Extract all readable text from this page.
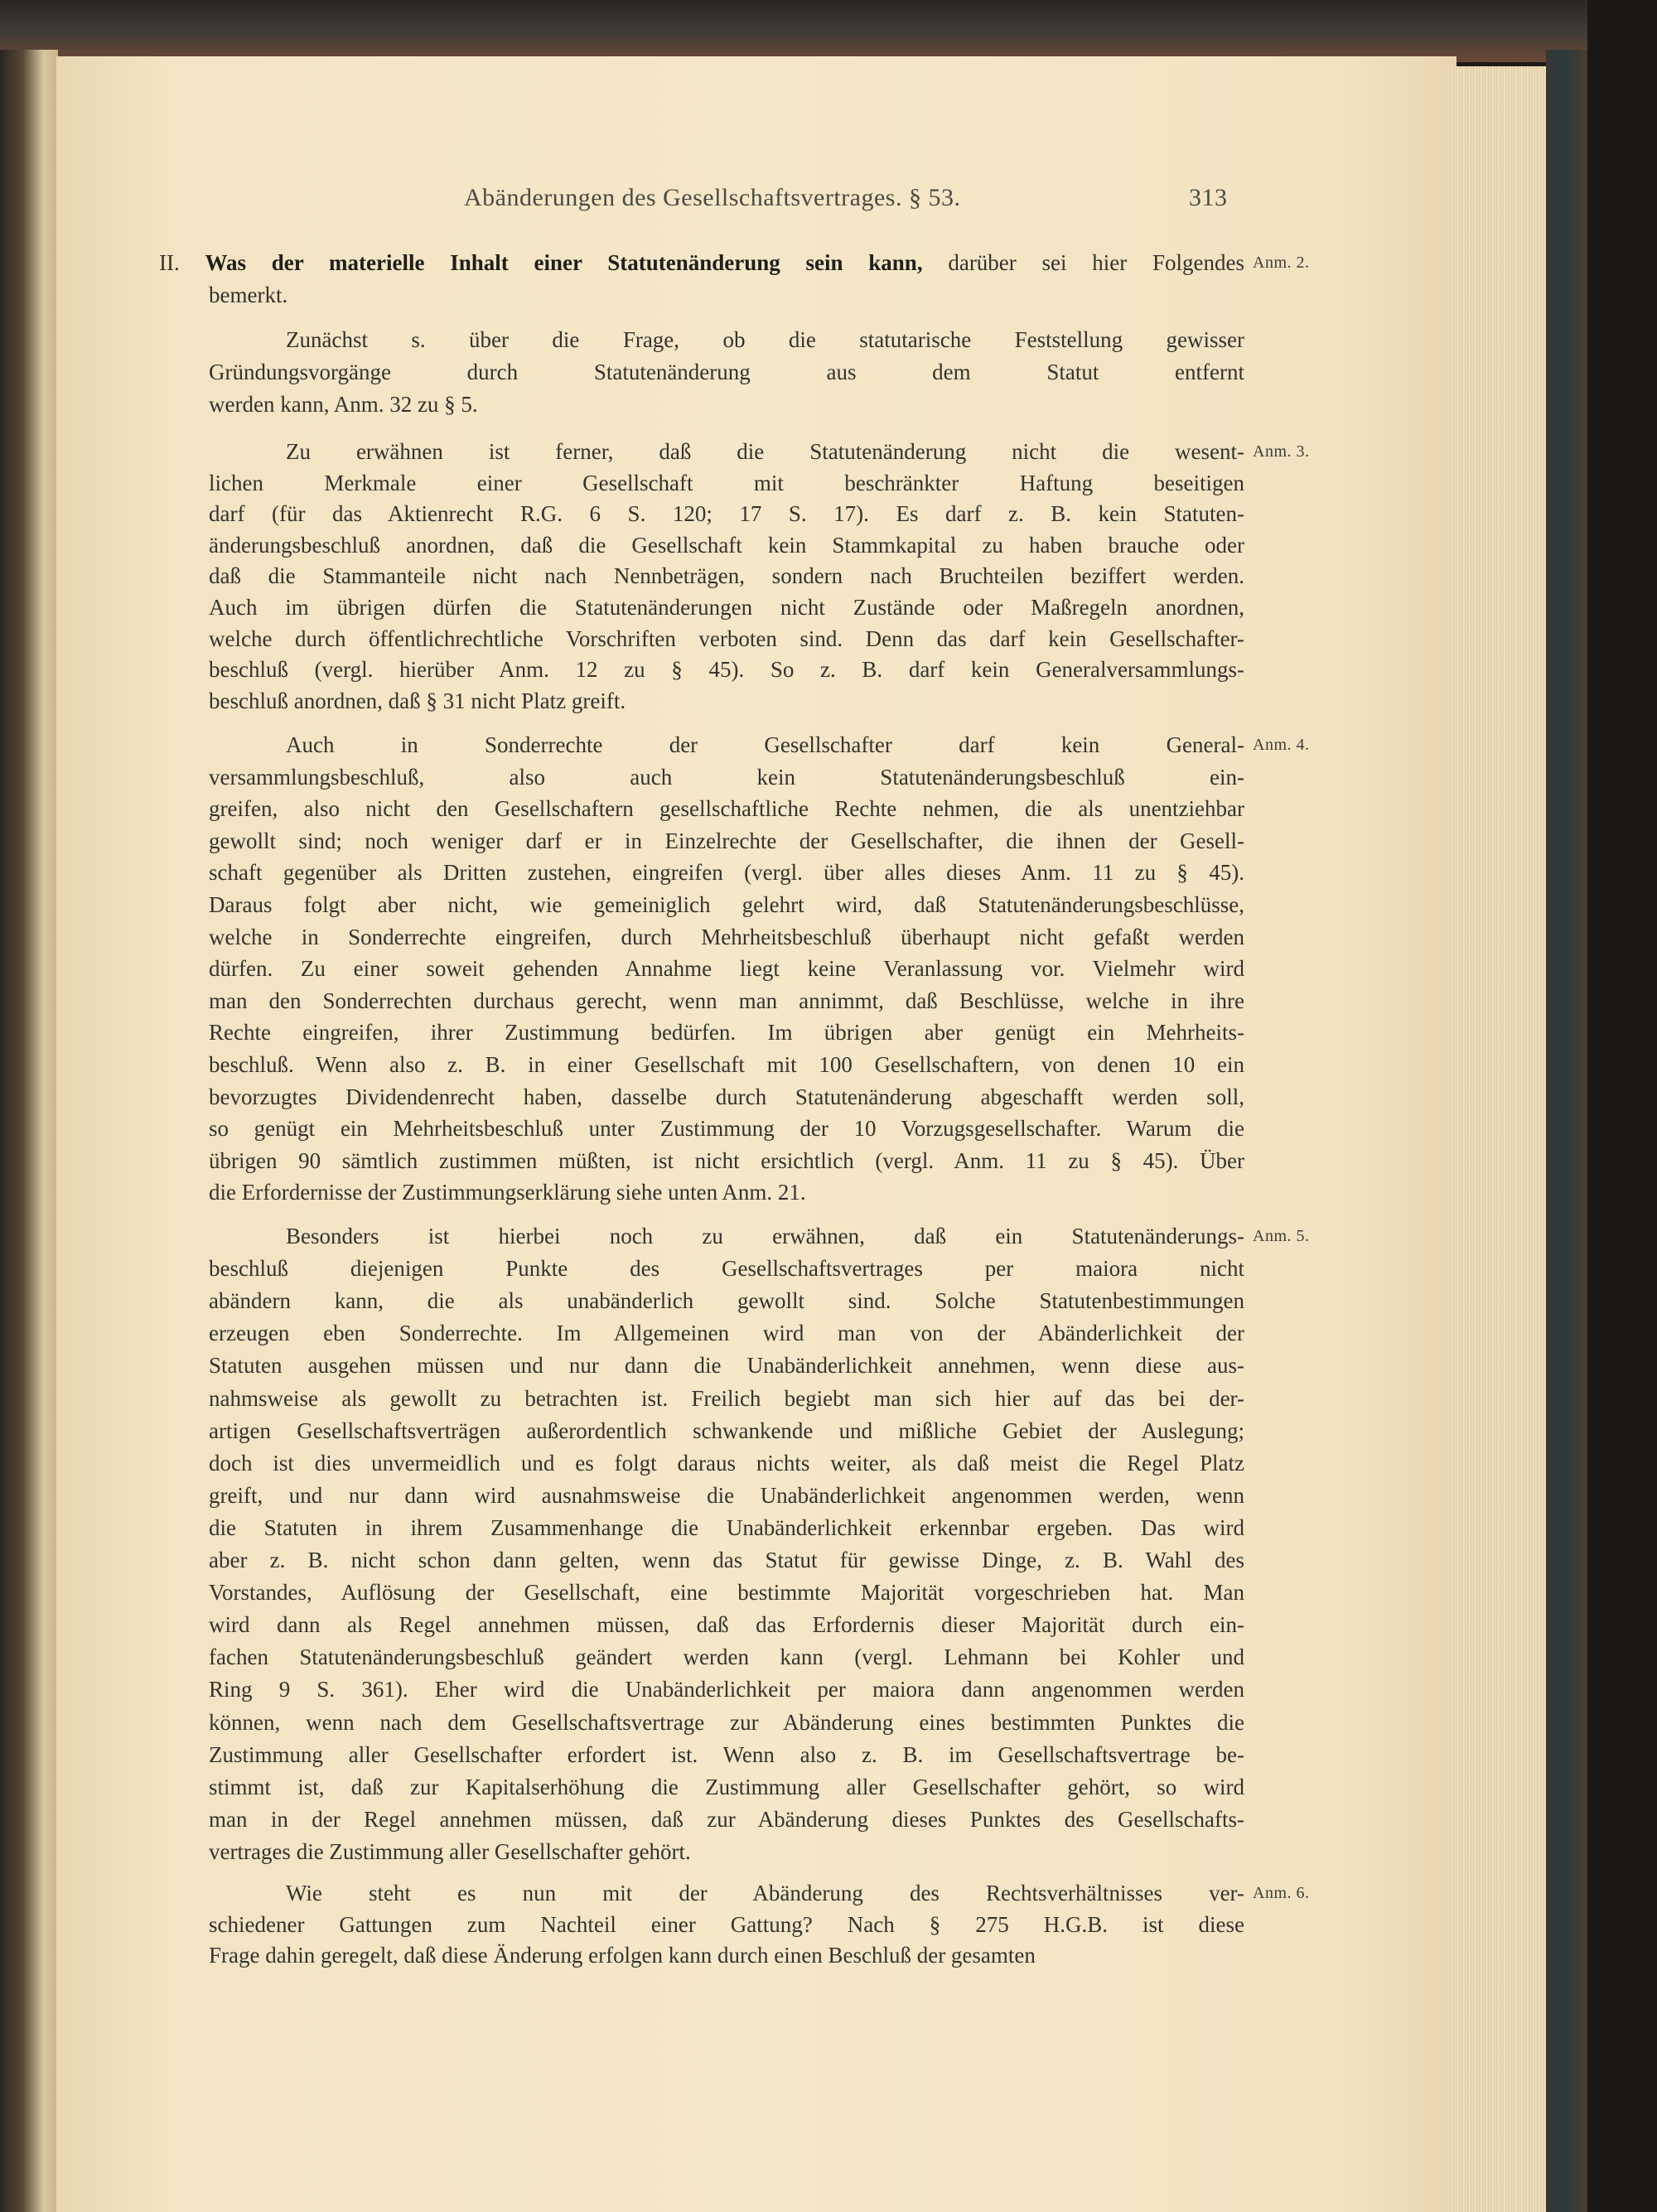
Abänderungen des Gesellschaftsvertrages. § 53.	313
Anm. 2.
II. Was der materielle Inhalt einer Statutenänderung sein kann, darüber sei hier Folgendes
bemerkt.
Zunächst s. über die Frage, ob die statutarische Feststellung gewisser
Gründungsvorgänge durch Statutenänderung aus dem Statut entfernt
werden kann, Anm. 32 zu § 5.
Anm. 3.
Zu erwähnen ist ferner, daß die Statutenänderung nicht die wesent-
lichen Merkmale einer Gesellschaft mit beschränkter Haftung beseitigen
darf (für das Aktienrecht R.G. 6 S. 120; 17 S. 17). Es darf z. B. kein Statuten-
änderungsbeschluß anordnen, daß die Gesellschaft kein Stammkapital zu haben brauche oder
daß die Stammanteile nicht nach Nennbeträgen, sondern nach Bruchteilen beziffert werden.
Auch im übrigen dürfen die Statutenänderungen nicht Zustände oder Maßregeln anordnen,
welche durch öffentlichrechtliche Vorschriften verboten sind. Denn das darf kein Gesellschafter-
beschluß (vergl. hierüber Anm. 12 zu § 45). So z. B. darf kein Generalversammlungs-
beschluß anordnen, daß § 31 nicht Platz greift.
Anm. 4.
Auch in Sonderrechte der Gesellschafter darf kein General-
versammlungsbeschluß, also auch kein Statutenänderungsbeschluß ein-
greifen, also nicht den Gesellschaftern gesellschaftliche Rechte nehmen, die als unentziehbar
gewollt sind; noch weniger darf er in Einzelrechte der Gesellschafter, die ihnen der Gesell-
schaft gegenüber als Dritten zustehen, eingreifen (vergl. über alles dieses Anm. 11 zu § 45).
Daraus folgt aber nicht, wie gemeiniglich gelehrt wird, daß Statutenänderungsbeschlüsse,
welche in Sonderrechte eingreifen, durch Mehrheitsbeschluß überhaupt nicht gefaßt werden
dürfen. Zu einer soweit gehenden Annahme liegt keine Veranlassung vor. Vielmehr wird
man den Sonderrechten durchaus gerecht, wenn man annimmt, daß Beschlüsse, welche in ihre
Rechte eingreifen, ihrer Zustimmung bedürfen. Im übrigen aber genügt ein Mehrheits-
beschluß. Wenn also z. B. in einer Gesellschaft mit 100 Gesellschaftern, von denen 10 ein
bevorzugtes Dividendenrecht haben, dasselbe durch Statutenänderung abgeschafft werden soll,
so genügt ein Mehrheitsbeschluß unter Zustimmung der 10 Vorzugsgesellschafter. Warum die
übrigen 90 sämtlich zustimmen müßten, ist nicht ersichtlich (vergl. Anm. 11 zu § 45). Über
die Erfordernisse der Zustimmungserklärung siehe unten Anm. 21.
Anm. 5.
Besonders ist hierbei noch zu erwähnen, daß ein Statutenänderungs-
beschluß diejenigen Punkte des Gesellschaftsvertrages per maiora nicht
abändern kann, die als unabänderlich gewollt sind. Solche Statutenbestimmungen
erzeugen eben Sonderrechte. Im Allgemeinen wird man von der Abänderlichkeit der
Statuten ausgehen müssen und nur dann die Unabänderlichkeit annehmen, wenn diese aus-
nahmsweise als gewollt zu betrachten ist. Freilich begiebt man sich hier auf das bei der-
artigen Gesellschaftsverträgen außerordentlich schwankende und mißliche Gebiet der Auslegung;
doch ist dies unvermeidlich und es folgt daraus nichts weiter, als daß meist die Regel Platz
greift, und nur dann wird ausnahmsweise die Unabänderlichkeit angenommen werden, wenn
die Statuten in ihrem Zusammenhange die Unabänderlichkeit erkennbar ergeben. Das wird
aber z. B. nicht schon dann gelten, wenn das Statut für gewisse Dinge, z. B. Wahl des
Vorstandes, Auflösung der Gesellschaft, eine bestimmte Majorität vorgeschrieben hat. Man
wird dann als Regel annehmen müssen, daß das Erfordernis dieser Majorität durch ein-
fachen Statutenänderungsbeschluß geändert werden kann (vergl. Lehmann bei Kohler und
Ring 9 S. 361). Eher wird die Unabänderlichkeit per maiora dann angenommen werden
können, wenn nach dem Gesellschaftsvertrage zur Abänderung eines bestimmten Punktes die
Zustimmung aller Gesellschafter erfordert ist. Wenn also z. B. im Gesellschaftsvertrage be-
stimmt ist, daß zur Kapitalserhöhung die Zustimmung aller Gesellschafter gehört, so wird
man in der Regel annehmen müssen, daß zur Abänderung dieses Punktes des Gesellschafts-
vertrages die Zustimmung aller Gesellschafter gehört.
Anm. 6.
Wie steht es nun mit der Abänderung des Rechtsverhältnisses ver-
schiedener Gattungen zum Nachteil einer Gattung? Nach § 275 H.G.B. ist diese
Frage dahin geregelt, daß diese Änderung erfolgen kann durch einen Beschluß der gesamten
